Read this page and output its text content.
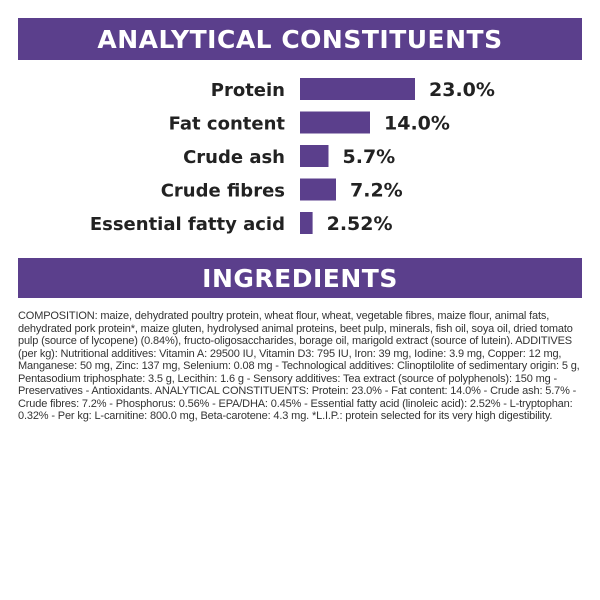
ANALYTICAL CONSTITUENTS
Protein	23.0%
Fat content	14.0%
Crude ash	5.7%
Crude fibres	7.2%
Essential fatty acid 2.52%
INGREDIENTS
COMPOSITION: maize, dehydrated poultry protein, wheat flour, wheat, vegetable fibres, maize flour, animal fats, dehydrated pork protein*, maize gluten, hydrolysed animal proteins, beet pulp, minerals, fish oil, soya oil, dried tomato pulp (source of lycopene) (0.84%), fructo-oligosaccharides, borage oil, marigold extract (source of lutein). ADDITIVES (per kg): Nutritional additives: Vitamin A: 29500 IU, Vitamin D3: 795 IU, Iron: 39 mg, Iodine: 3.9 mg, Copper: 12 mg, Manganese: 50 mg, Zinc: 137 mg, Selenium: 0.08 mg - Technological additives: Clinoptilolite of sedimentary origin: 5 g, Pentasodium triphosphate: 3.5 g, Lecithin: 1.6 g - Sensory additives: Tea extract (source of polyphenols): 150 mg - Preservatives - Antioxidants. ANALYTICAL CONSTITUENTS: Protein: 23.0% - Fat content: 14.0% - Crude ash: 5.7% - Crude fibres: 7.2% - Phosphorus: 0.56% - EPA/DHA: 0.45% - Essential fatty acid (linoleic acid): 2.52% - L-tryptophan: 0.32% - Per kg: L-carnitine: 800.0 mg, Beta-carotene: 4.3 mg. *L.I.P.: protein selected for its very high digestibility.
